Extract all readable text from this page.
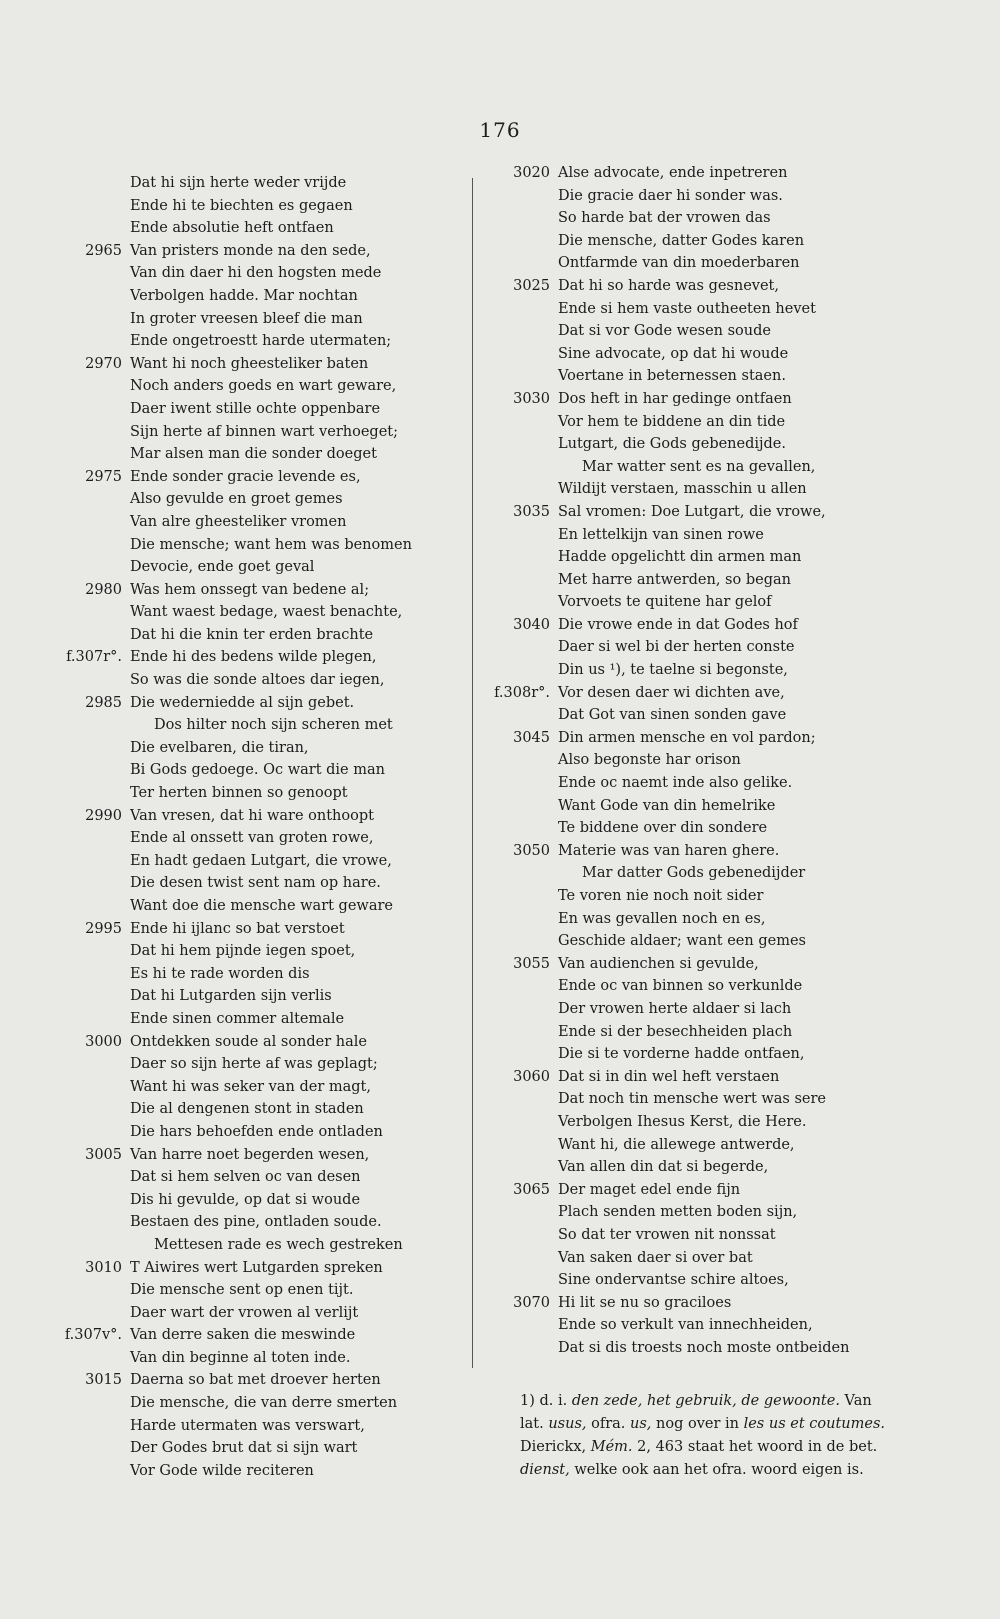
176
Dat hi sijn herte weder vrijde
Ende hi te biechten es gegaen
Ende absolutie heft ontfaen
2965 Van pristers monde na den sede,
Van din daer hi den hogsten mede
Verbolgen hadde. Mar nochtan
In groter vreesen bleef die man
Ende ongetroestt harde utermaten;
2970 Want hi noch gheesteliker baten
Noch anders goeds en wart geware,
Daer iwent stille ochte oppenbare
Sijn herte af binnen wart verhoeget;
Mar alsen man die sonder doeget
2975 Ende sonder gracie levende es,
Also gevulde en groet gemes
Van alre gheesteliker vromen
Die mensche; want hem was benomen
Devocie, ende goet geval
2980 Was hem onssegt van bedene al;
Want waest bedage, waest benachte,
Dat hi die knin ter erden brachte
f.307r°. Ende hi des bedens wilde plegen,
So was die sonde altoes dar iegen,
2985 Die wederniedde al sijn gebet.
Dos hilter noch sijn scheren met
Die evelbaren, die tiran,
Bi Gods gedoege. Oc wart die man
Ter herten binnen so genoopt
2990 Van vresen, dat hi ware onthoopt
Ende al onssett van groten rowe,
En hadt gedaen Lutgart, die vrowe,
Die desen twist sent nam op hare.
Want doe die mensche wart geware
2995 Ende hi ijlanc so bat verstoet
Dat hi hem pijnde iegen spoet,
Es hi te rade worden dis
Dat hi Lutgarden sijn verlis
Ende sinen commer altemale
3000 Ontdekken soude al sonder hale
Daer so sijn herte af was geplagt;
Want hi was seker van der magt,
Die al dengenen stont in staden
Die hars behoefden ende ontladen
3005 Van harre noet begerden wesen,
Dat si hem selven oc van desen
Dis hi gevulde, op dat si woude
Bestaen des pine, ontladen soude.
Mettesen rade es wech gestreken
3010 T Aiwires wert Lutgarden spreken
Die mensche sent op enen tijt.
Daer wart der vrowen al verlijt
f.307v°. Van derre saken die meswinde
Van din beginne al toten inde.
3015 Daerna so bat met droever herten
Die mensche, die van derre smerten
Harde utermaten was verswart,
Der Godes brut dat si sijn wart
Vor Gode wilde reciteren
3020 Alse advocate, ende inpetreren
Die gracie daer hi sonder was.
So harde bat der vrowen das
Die mensche, datter Godes karen
Ontfarmde van din moederbaren
3025 Dat hi so harde was gesnevet,
Ende si hem vaste outheeten hevet
Dat si vor Gode wesen soude
Sine advocate, op dat hi woude
Voertane in beternessen staen.
3030 Dos heft in har gedinge ontfaen
Vor hem te biddene an din tide
Lutgart, die Gods gebenedijde.
Mar watter sent es na gevallen,
Wildijt verstaen, masschin u allen
3035 Sal vromen: Doe Lutgart, die vrowe,
En lettelkijn van sinen rowe
Hadde opgelichtt din armen man
Met harre antwerden, so began
Vorvoets te quitene har gelof
3040 Die vrowe ende in dat Godes hof
Daer si wel bi der herten conste
Din us ¹), te taelne si begonste,
f.308r°. Vor desen daer wi dichten ave,
Dat Got van sinen sonden gave
3045 Din armen mensche en vol pardon;
Also begonste har orison
Ende oc naemt inde also gelike.
Want Gode van din hemelrike
Te biddene over din sondere
3050 Materie was van haren ghere.
Mar datter Gods gebenedijder
Te voren nie noch noit sider
En was gevallen noch en es,
Geschide aldaer; want een gemes
3055 Van audienchen si gevulde,
Ende oc van binnen so verkunlde
Der vrowen herte aldaer si lach
Ende si der besechheiden plach
Die si te vorderne hadde ontfaen,
3060 Dat si in din wel heft verstaen
Dat noch tin mensche wert was sere
Verbolgen Ihesus Kerst, die Here.
Want hi, die allewege antwerde,
Van allen din dat si begerde,
3065 Der maget edel ende fijn
Plach senden metten boden sijn,
So dat ter vrowen nit nonssat
Van saken daer si over bat
Sine ondervantse schire altoes,
3070 Hi lit se nu so graciloes
Ende so verkult van innechheiden,
Dat si dis troests noch moste ontbeiden
1) d. i. den zede, het gebruik, de gewoonte. Van
lat. usus, ofra. us, nog over in les us et coutumes.
Dierickx, Mém. 2, 463 staat het woord in de bet.
dienst, welke ook aan het ofra. woord eigen is.
